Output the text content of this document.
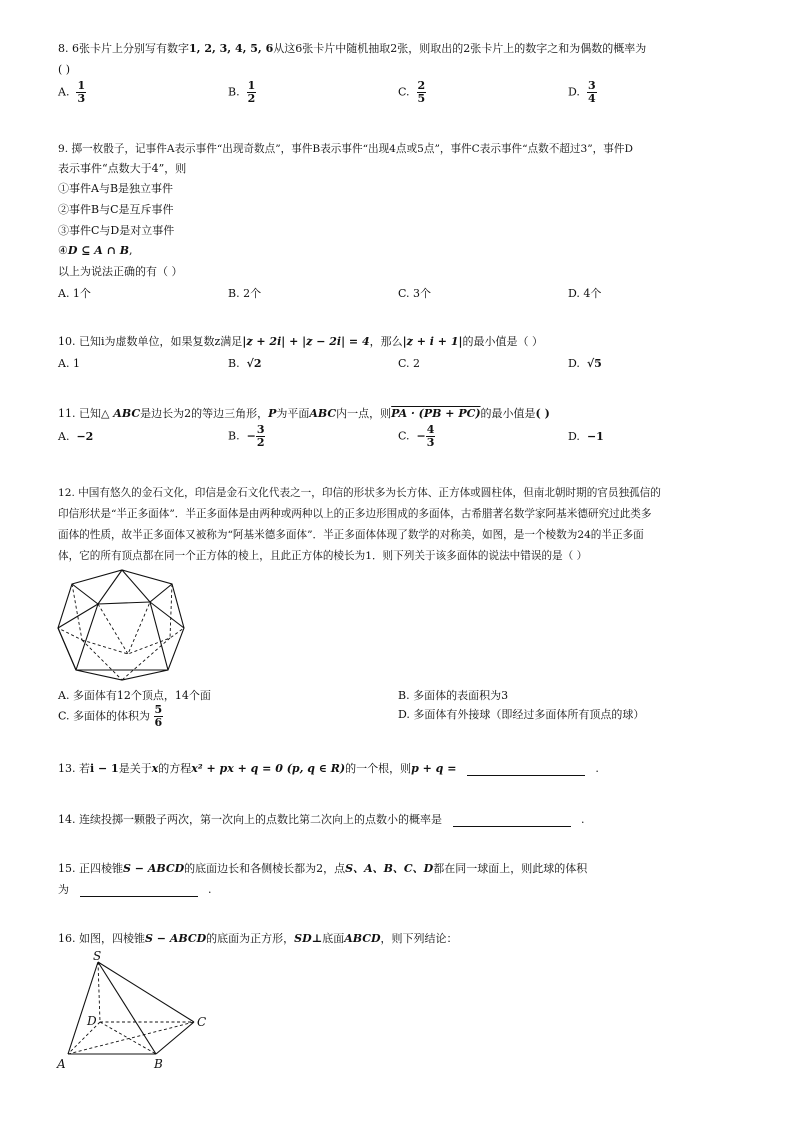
8. 6张卡片上分别写有数字1, 2, 3, 4, 5, 6从这6张卡片中随机抽取2张，则取出的2张卡片上的数字之和为偶数的概率为
( )
A. $\frac{1}{3}$	B. $\frac{1}{2}$	C. $\frac{2}{5}$	D. $\frac{3}{4}$
9. 掷一枚骰子，记事件A表示事件“出现奇数点”，事件B表示事件“出现4点或5点”，事件C表示事件“点数不超过3”，事件D
表示事件“点数大于4”，则
①事件A与B是独立事件
②事件B与C是互斥事件
③事件C与D是对立事件
④D ⊆ A ∩ B,
以上为说法正确的有（ ）
A. 1个	B. 2个	C. 3个	D. 4个
10. 已知i为虚数单位，如果复数z满足|z + 2i| + |z − 2i| = 4，那么|z + i + 1|的最小值是（ ）
A. 1	B. √2	C. 2	D. √5
11. 已知△ ABC是边长为2的等边三角形，P为平面ABC内一点，则PA · (PB + PC)的最小值是( )
A. −2	B. − $\frac{3}{2}$	C. − $\frac{4}{3}$	D. −1
12. 中国有悠久的金石文化，印信是金石文化代表之一，印信的形状多为长方体、正方体或圆柱体，但南北朝时期的官员独孤信的
印信形状是“半正多面体”．半正多面体是由两种或两种以上的正多边形围成的多面体，古希腊著名数学家阿基米德研究过此类多
面体的性质，故半正多面体又被称为“阿基米德多面体”．半正多面体体现了数学的对称美，如图，是一个棱数为24的半正多面
体，它的所有顶点都在同一个正方体的棱上，且此正方体的棱长为1．则下列关于该多面体的说法中错误的是（ ）
A. 多面体有12个顶点，14个面	B. 多面体的表面积为3
C. 多面体的体积为 $\frac{5}{6}$	D. 多面体有外接球（即经过多面体所有顶点的球）
13. 若i − 1是关于x的方程x² + px + q = 0 (p, q ∈ R)的一个根，则p + q =	.
14. 连续投掷一颗骰子两次，第一次向上的点数比第二次向上的点数小的概率是	.
15. 正四棱锥S − ABCD的底面边长和各侧棱长都为2，点S、A、B、C、D都在同一球面上，则此球的体积
为	.
16. 如图，四棱锥S − ABCD的底面为正方形，SD⊥底面ABCD，则下列结论：
S
D	C
A	B
